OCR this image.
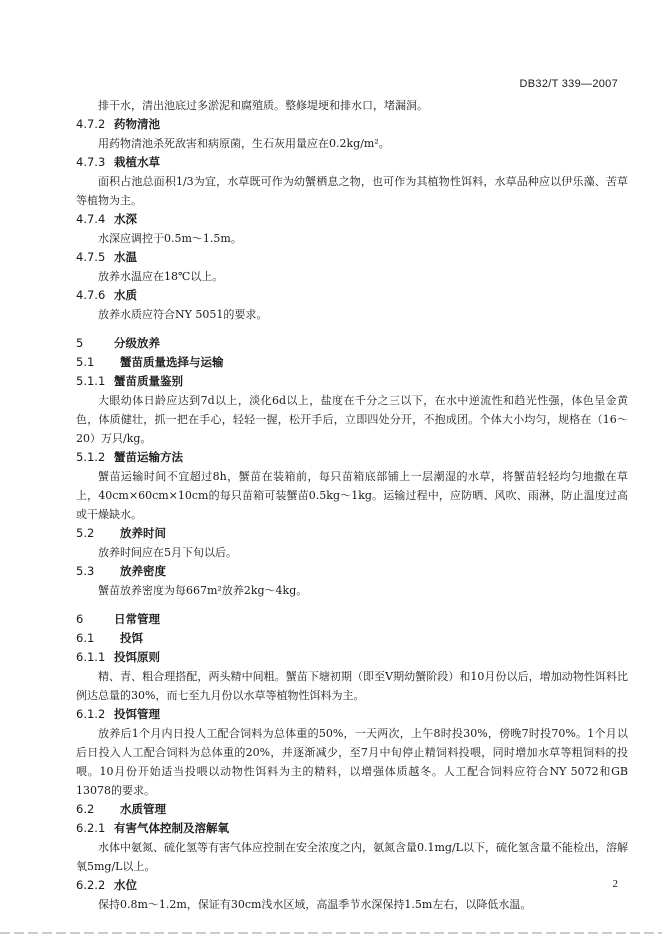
DB32/T 339—2007

排干水，清出池底过多淤泥和腐殖质。整修堤埂和排水口，堵漏洞。

4.7.2 药物清池

用药物清池杀死敌害和病原菌，生石灰用量应在0.2kg/m²。

4.7.3 栽植水草

面积占池总面积1/3为宜，水草既可作为幼蟹栖息之物，也可作为其植物性饵料，水草品种应以伊乐藻、苦草等植物为主。

4.7.4 水深

水深应调控于0.5m～1.5m。

4.7.5 水温

放养水温应在18℃以上。

4.7.6 水质

放养水质应符合NY 5051的要求。

5	分级放养
5.1 蟹苗质量选择与运输
5.1.1 蟹苗质量鉴别

大眼幼体日龄应达到7d以上，淡化6d以上，盐度在千分之三以下，在水中逆流性和趋光性强，体色呈金黄色，体质健壮，抓一把在手心，轻轻一握，松开手后，立即四处分开，不抱成团。个体大小均匀，规格在（16～20）万只/kg。

5.1.2 蟹苗运输方法

蟹苗运输时间不宜超过8h，蟹苗在装箱前，每只苗箱底部铺上一层潮湿的水草，将蟹苗轻轻均匀地撒在草上，40cm×60cm×10cm的每只苗箱可装蟹苗0.5kg～1kg。运输过程中，应防晒、风吹、雨淋，防止温度过高或干燥缺水。

5.2 放养时间

放养时间应在5月下旬以后。

5.3 放养密度

蟹苗放养密度为每667m²放养2kg～4kg。

6	日常管理
6.1 投饵
6.1.1 投饵原则

精、青、粗合理搭配，两头精中间粗。蟹苗下塘初期（即至V期幼蟹阶段）和10月份以后，增加动物性饵料比例达总量的30%，而七至九月份以水草等植物性饵料为主。

6.1.2 投饵管理

放养后1个月内日投人工配合饲料为总体重的50%，一天两次，上午8时投30%，傍晚7时投70%。1个月以后日投入人工配合饲料为总体重的20%，并逐渐减少，至7月中旬停止精饲料投喂，同时增加水草等粗饲料的投喂。10月份开始适当投喂以动物性饵料为主的精料，以增强体质越冬。人工配合饲料应符合NY 5072和GB 13078的要求。

6.2 水质管理
6.2.1 有害气体控制及溶解氧

水体中氨氮、硫化氢等有害气体应控制在安全浓度之内，氨氮含量0.1mg/L以下，硫化氢含量不能检出，溶解氧5mg/L以上。

6.2.2 水位

保持0.8m～1.2m，保证有30cm浅水区域，高温季节水深保持1.5m左右，以降低水温。

2
